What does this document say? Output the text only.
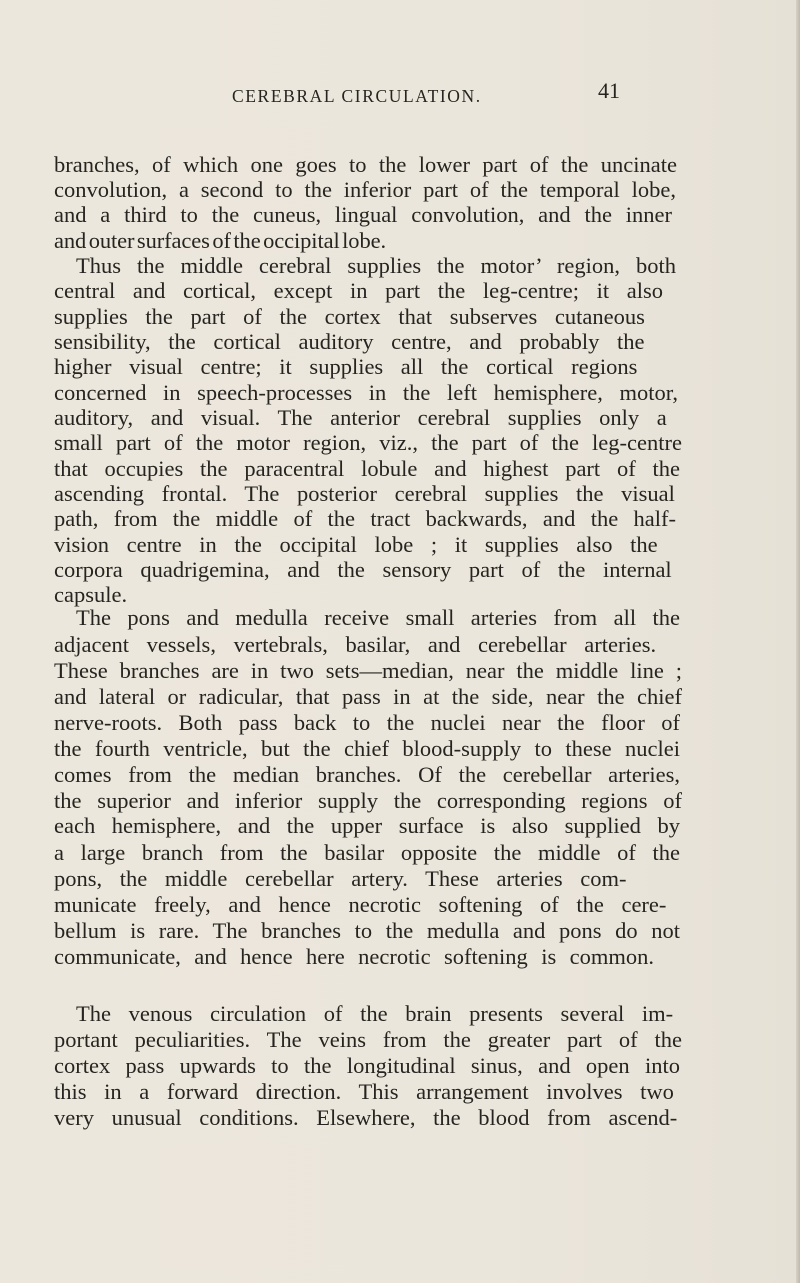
CEREBRAL CIRCULATION.	41
branches, of which one goes to the lower part of the uncinate
convolution, a second to the inferior part of the temporal lobe,
and a third to the cuneus, lingual convolution, and the inner
and outer surfaces of the occipital lobe.
Thus the middle cerebral supplies the motor’ region, both
central and cortical, except in part the leg-centre; it also
supplies the part of the cortex that subserves cutaneous
sensibility, the cortical auditory centre, and probably the
higher visual centre; it supplies all the cortical regions
concerned in speech-processes in the left hemisphere, motor,
auditory, and visual. The anterior cerebral supplies only a
small part of the motor region, viz., the part of the leg-centre
that occupies the paracentral lobule and highest part of the
ascending frontal. The posterior cerebral supplies the visual
path, from the middle of the tract backwards, and the half-
vision centre in the occipital lobe ; it supplies also the
corpora quadrigemina, and the sensory part of the internal
capsule.
The pons and medulla receive small arteries from all the
adjacent vessels, vertebrals, basilar, and cerebellar arteries.
These branches are in two sets—median, near the middle line ;
and lateral or radicular, that pass in at the side, near the chief
nerve-roots. Both pass back to the nuclei near the floor of
the fourth ventricle, but the chief blood-supply to these nuclei
comes from the median branches. Of the cerebellar arteries,
the superior and inferior supply the corresponding regions of
each hemisphere, and the upper surface is also supplied by
a large branch from the basilar opposite the middle of the
pons, the middle cerebellar artery. These arteries com-
municate freely, and hence necrotic softening of the cere-
bellum is rare. The branches to the medulla and pons do not
communicate, and hence here necrotic softening is common.
The venous circulation of the brain presents several im-
portant peculiarities. The veins from the greater part of the
cortex pass upwards to the longitudinal sinus, and open into
this in a forward direction. This arrangement involves two
very unusual conditions. Elsewhere, the blood from ascend-
